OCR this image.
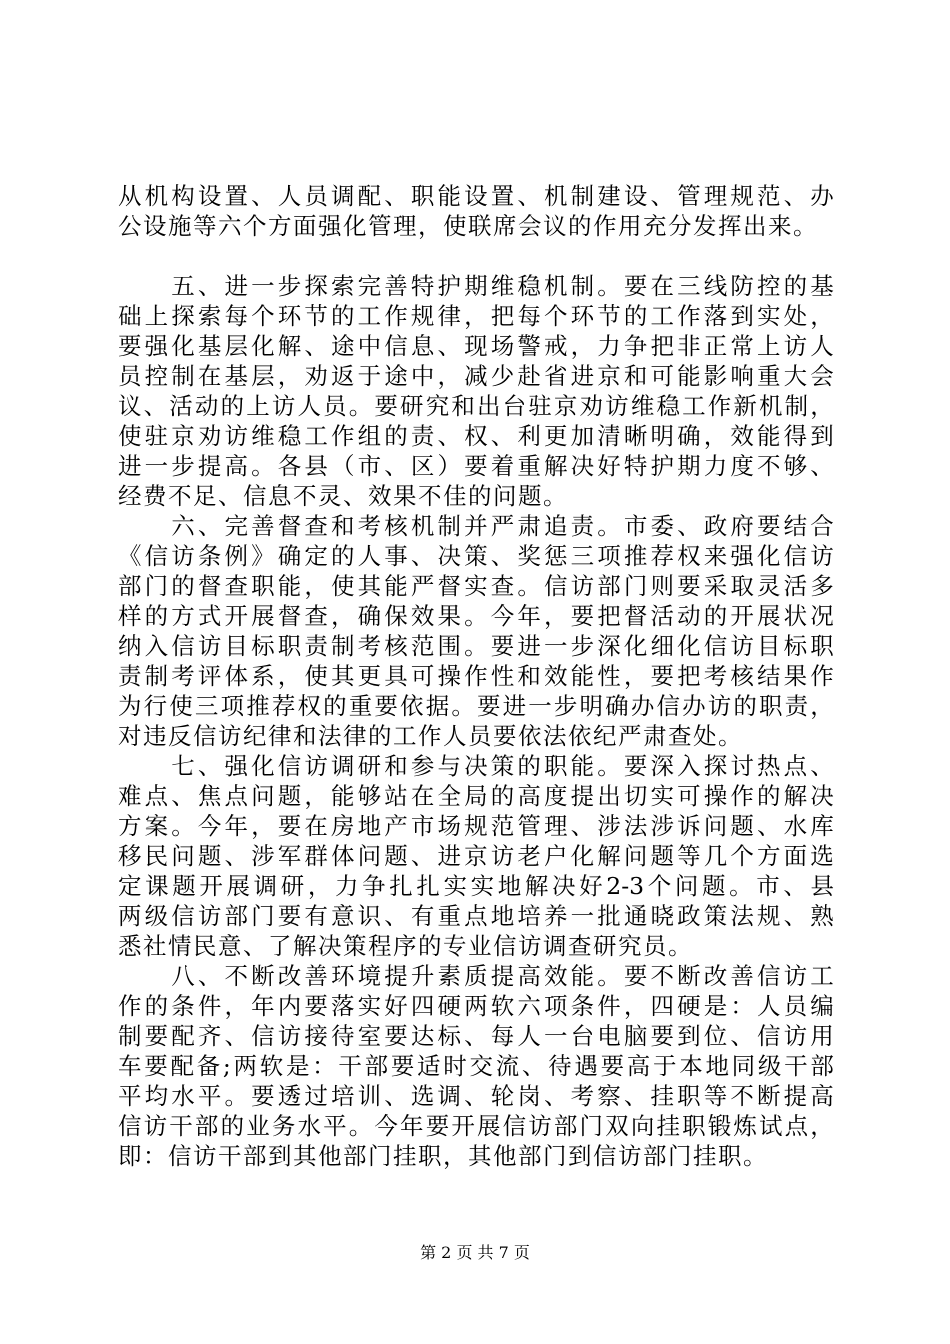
从 机 构 设 置 、 人 员 调 配 、 职 能 设 置 、 机 制 建 设 、 管 理 规 范 、 办
公设施等六个方面强化管理，使联席会议的作用充分发挥出来。

五 、 进 一 步 探 索 完 善 特 护 期 维 稳 机 制 。 要 在 三 线 防 控 的 基
础 上 探 索 每 个 环 节 的 工 作 规 律 ， 把 每 个 环 节 的 工 作 落 到 实 处 ，
要 强 化 基 层 化 解 、 途 中 信 息 、 现 场 警 戒 ， 力 争 把 非 正 常 上 访 人
员 控 制 在 基 层 ， 劝 返 于 途 中 ， 减 少 赴 省 进 京 和 可 能 影 响 重 大 会
议 、 活 动 的 上 访 人 员 。 要 研 究 和 出 台 驻 京 劝 访 维 稳 工 作 新 机 制 ，
使 驻 京 劝 访 维 稳 工 作 组 的 责 、 权 、 利 更 加 清 晰 明 确 ， 效 能 得 到
进 一 步 提 高 。 各 县 （ 市 、 区 ） 要 着 重 解 决 好 特 护 期 力 度 不 够 、
经费不足、信息不灵、效果不佳的问题。

六 、 完 善 督 查 和 考 核 机 制 并 严 肃 追 责 。 市 委 、 政 府 要 结 合
《 信 访 条 例 》 确 定 的 人 事 、 决 策 、 奖 惩 三 项 推 荐 权 来 强 化 信 访
部 门 的 督 查 职 能 ， 使 其 能 严 督 实 查 。 信 访 部 门 则 要 采 取 灵 活 多
样 的 方 式 开 展 督 查 ， 确 保 效 果 。 今 年 ， 要 把 督 活 动 的 开 展 状 况
纳 入 信 访 目 标 职 责 制 考 核 范 围 。 要 进 一 步 深 化 细 化 信 访 目 标 职
责 制 考 评 体 系 ， 使 其 更 具 可 操 作 性 和 效 能 性 ， 要 把 考 核 结 果 作
为 行 使 三 项 推 荐 权 的 重 要 依 据 。 要 进 一 步 明 确 办 信 办 访 的 职 责 ，
对违反信访纪律和法律的工作人员要依法依纪严肃查处。

七 、 强 化 信 访 调 研 和 参 与 决 策 的 职 能 。 要 深 入 探 讨 热 点 、
难 点 、 焦 点 问 题 ， 能 够 站 在 全 局 的 高 度 提 出 切 实 可 操 作 的 解 决
方 案 。 今 年 ， 要 在 房 地 产 市 场 规 范 管 理 、 涉 法 涉 诉 问 题 、 水 库
移 民 问 题 、 涉 军 群 体 问 题 、 进 京 访 老 户 化 解 问 题 等 几 个 方 面 选
定 课 题 开 展 调 研 ， 力 争 扎 扎 实 实 地 解 决 好 2-3 个 问 题 。 市 、 县
两 级 信 访 部 门 要 有 意 识 、 有 重 点 地 培 养 一 批 通 晓 政 策 法 规 、 熟
悉社情民意、了解决策程序的专业信访调查研究员。

八 、 不 断 改 善 环 境 提 升 素 质 提 高 效 能 。 要 不 断 改 善 信 访 工
作 的 条 件 ， 年 内 要 落 实 好 四 硬 两 软 六 项 条 件 ， 四 硬 是 ： 人 员 编
制 要 配 齐 、 信 访 接 待 室 要 达 标 、 每 人 一 台 电 脑 要 到 位 、 信 访 用
车 要 配 备 ; 两 软 是 ： 干 部 要 适 时 交 流 、 待 遇 要 高 于 本 地 同 级 干 部
平 均 水 平 。 要 透 过 培 训 、 选 调 、 轮 岗 、 考 察 、 挂 职 等 不 断 提 高
信 访 干 部 的 业 务 水 平 。 今 年 要 开 展 信 访 部 门 双 向 挂 职 锻 炼 试 点 ，
即：信访干部到其他部门挂职，其他部门到信访部门挂职。
第 2 页 共 7 页
